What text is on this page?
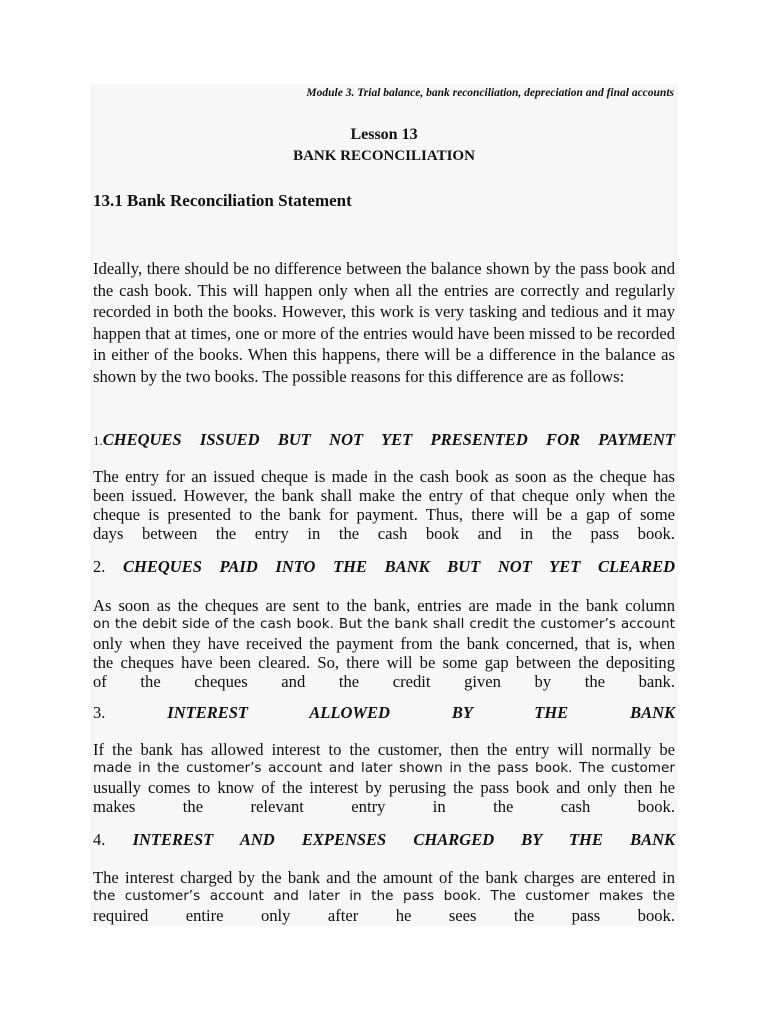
Module 3. Trial balance, bank reconciliation, depreciation and final accounts
Lesson 13
BANK RECONCILIATION
13.1 Bank Reconciliation Statement

Ideally, there should be no difference between the balance shown by the pass book and the cash book. This will happen only when all the entries are correctly and regularly recorded in both the books. However, this work is very tasking and tedious and it may happen that at times, one or more of the entries would have been missed to be recorded in either of the books. When this happens, there will be a difference in the balance as shown by the two books. The possible reasons for this difference are as follows:

1.CHEQUES ISSUED BUT NOT YET PRESENTED FOR PAYMENT
The entry for an issued cheque is made in the cash book as soon as the cheque has
been issued. However, the bank shall make the entry of that cheque only when the
cheque is presented to the bank for payment. Thus, there will be a gap of some
days between the entry in the cash book and in the pass book.
2. CHEQUES PAID INTO THE BANK BUT NOT YET CLEARED
As soon as the cheques are sent to the bank, entries are made in the bank column
on the debit side of the cash book. But the bank shall credit the customer’s account
only when they have received the payment from the bank concerned, that is, when
the cheques have been cleared. So, there will be some gap between the depositing
of the cheques and the credit given by the bank.
3.	INTEREST ALLOWED BY THE BANK
If the bank has allowed interest to the customer, then the entry will normally be
made in the customer’s account and later shown in the pass book. The customer
usually comes to know of the interest by perusing the pass book and only then he
makes the relevant entry in the cash book.
4. INTEREST AND EXPENSES CHARGED BY THE BANK
The interest charged by the bank and the amount of the bank charges are entered in
the customer’s account and later in the pass book. The customer makes the
required entire only after he sees the pass book.
